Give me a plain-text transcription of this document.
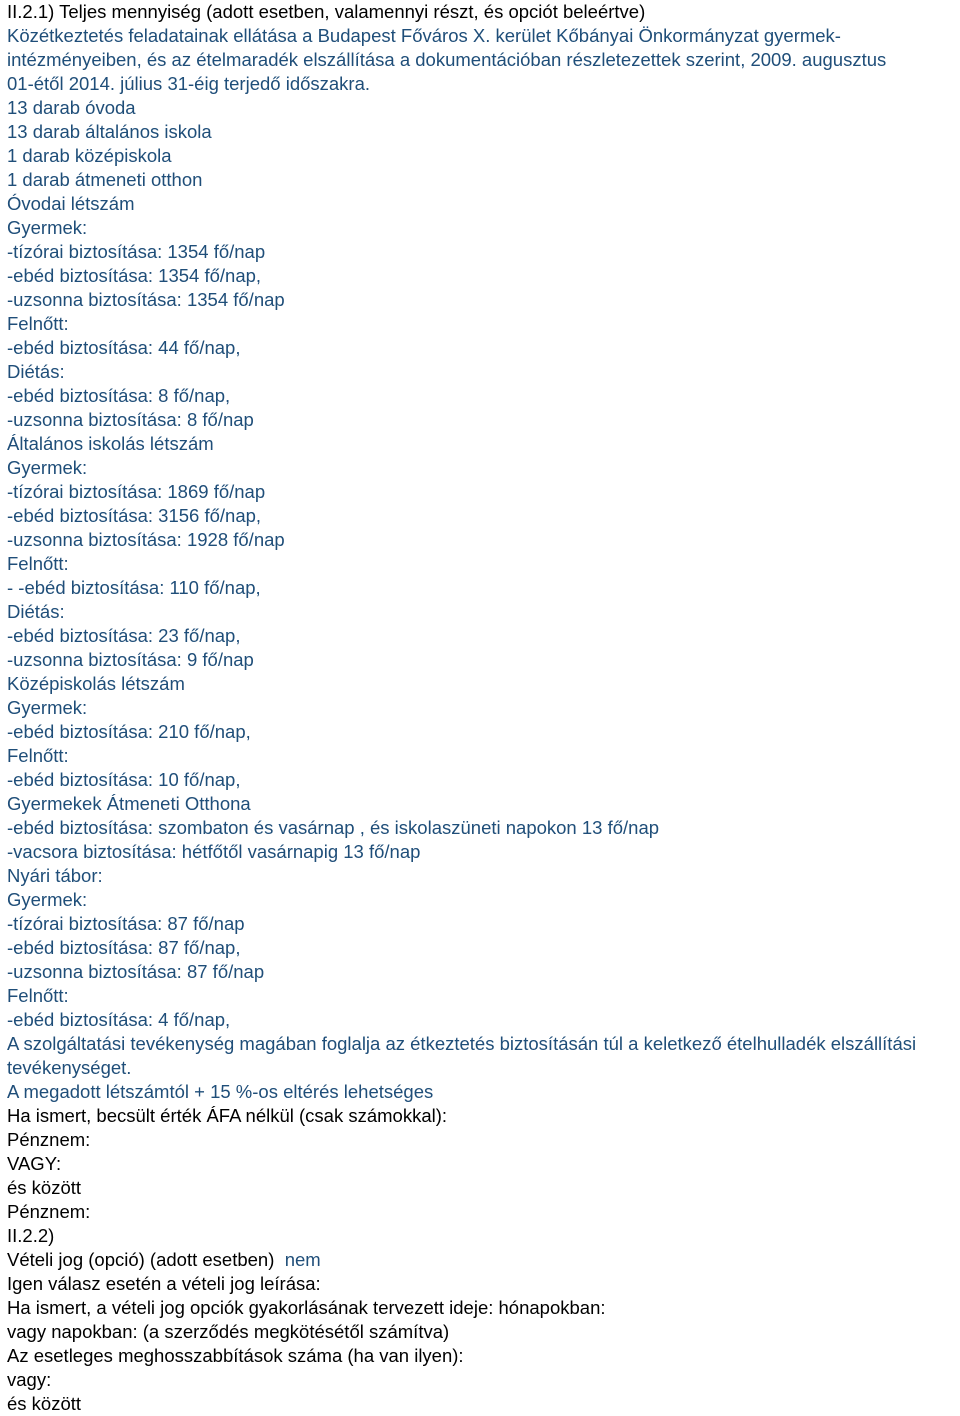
II.2.1) Teljes mennyiség (adott esetben, valamennyi részt, és opciót beleértve)
Közétkeztetés feladatainak ellátása a Budapest Főváros X. kerület Kőbányai Önkormányzat gyermek-
intézményeiben, és az ételmaradék elszállítása a dokumentációban részletezettek szerint, 2009. augusztus
01-étől 2014. július 31-éig terjedő időszakra.
13 darab óvoda
13 darab általános iskola
1 darab középiskola
1 darab átmeneti otthon
Óvodai létszám
Gyermek:
-tízórai biztosítása: 1354 fő/nap
-ebéd biztosítása: 1354 fő/nap,
-uzsonna biztosítása: 1354 fő/nap
Felnőtt:
-ebéd biztosítása: 44 fő/nap,
Diétás:
-ebéd biztosítása: 8 fő/nap,
-uzsonna biztosítása: 8 fő/nap
Általános iskolás létszám
Gyermek:
-tízórai biztosítása: 1869 fő/nap
-ebéd biztosítása: 3156 fő/nap,
-uzsonna biztosítása: 1928 fő/nap
Felnőtt:
- -ebéd biztosítása: 110 fő/nap,
Diétás:
-ebéd biztosítása: 23 fő/nap,
-uzsonna biztosítása: 9 fő/nap
Középiskolás létszám
Gyermek:
-ebéd biztosítása: 210 fő/nap,
Felnőtt:
-ebéd biztosítása: 10 fő/nap,
Gyermekek Átmeneti Otthona
-ebéd biztosítása: szombaton és vasárnap , és iskolaszüneti napokon 13 fő/nap
-vacsora biztosítása: hétfőtől vasárnapig 13 fő/nap
Nyári tábor:
Gyermek:
-tízórai biztosítása: 87 fő/nap
-ebéd biztosítása: 87 fő/nap,
-uzsonna biztosítása: 87 fő/nap
Felnőtt:
-ebéd biztosítása: 4 fő/nap,
A szolgáltatási tevékenység magában foglalja az étkeztetés biztosításán túl a keletkező ételhulladék elszállítási tevékenységet.
A megadott létszámtól + 15 %-os eltérés lehetséges
Ha ismert, becsült érték ÁFA nélkül (csak számokkal):
Pénznem:
VAGY:
és között
Pénznem:
II.2.2)
Vételi jog (opció) (adott esetben) nem
Igen válasz esetén a vételi jog leírása:
Ha ismert, a vételi jog opciók gyakorlásának tervezett ideje: hónapokban:
vagy napokban: (a szerződés megkötésétől számítva)
Az esetleges meghosszabbítások száma (ha van ilyen):
vagy:
és között
